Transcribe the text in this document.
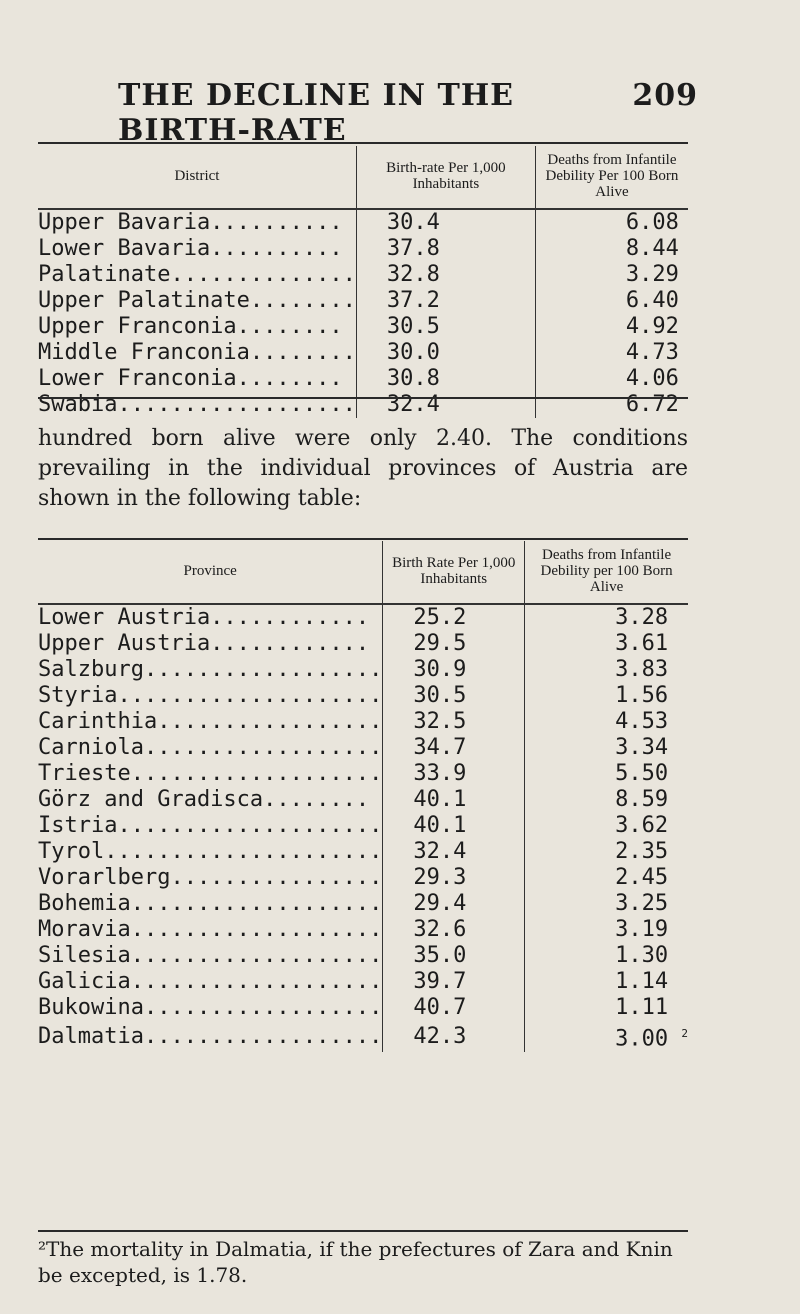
THE DECLINE IN THE BIRTH-RATE
209
District	Birth-rate Per 1,000 Inhabitants	Deaths from Infantile Debility Per 100 Born Alive
Upper Bavaria..........	30.4	6.08
Lower Bavaria..........	37.8	8.44
Palatinate..............	32.8	3.29
Upper Palatinate........	37.2	6.40
Upper Franconia........	30.5	4.92
Middle Franconia........	30.0	4.73
Lower Franconia........	30.8	4.06
Swabia..................	32.4	6.72
hundred born alive were only 2.40. The conditions prevailing in the individual provinces of Austria are shown in the following table:
Province	Birth Rate Per 1,000 Inhabitants	Deaths from Infantile Debility per 100 Born Alive
Lower Austria............	25.2	3.28
Upper Austria............	29.5	3.61
Salzburg..................	30.9	3.83
Styria....................	30.5	1.56
Carinthia.................	32.5	4.53
Carniola..................	34.7	3.34
Trieste...................	33.9	5.50
Görz and Gradisca........	40.1	8.59
Istria....................	40.1	3.62
Tyrol.....................	32.4	2.35
Vorarlberg................	29.3	2.45
Bohemia...................	29.4	3.25
Moravia...................	32.6	3.19
Silesia...................	35.0	1.30
Galicia...................	39.7	1.14
Bukowina..................	40.7	1.11
Dalmatia..................	42.3	3.00 $^2$
²The mortality in Dalmatia, if the prefectures of Zara and Knin be excepted, is 1.78.
